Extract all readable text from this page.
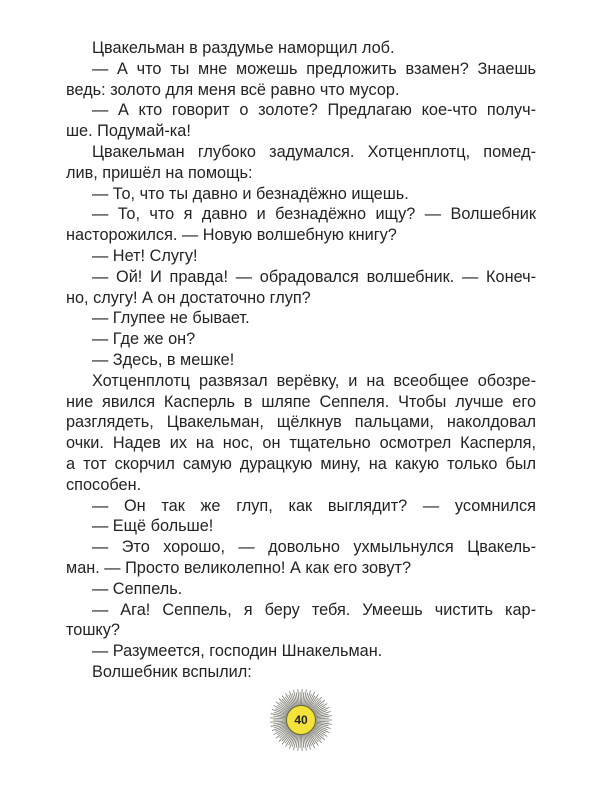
Цвакельман в раздумье наморщил лоб.
— А что ты мне можешь предложить взамен? Знаешь
ведь: золото для меня всё равно что мусор.
— А кто говорит о золоте? Предлагаю кое-что получ-
ше. Подумай-ка!
Цвакельман глубоко задумался. Хотценплотц, помед-
лив, пришёл на помощь:
— То, что ты давно и безнадёжно ищешь.
— То, что я давно и безнадёжно ищу? — Волшебник
насторожился. — Новую волшебную книгу?
— Нет! Слугу!
— Ой! И правда! — обрадовался волшебник. — Конеч-
но, слугу! А он достаточно глуп?
— Глупее не бывает.
— Где же он?
— Здесь, в мешке!
Хотценплотц развязал верёвку, и на всеобщее обозре-
ние явился Касперль в шляпе Сеппеля. Чтобы лучше его
разглядеть, Цвакельман, щёлкнув пальцами, наколдовал
очки. Надев их на нос, он тщательно осмотрел Касперля,
а тот скорчил самую дурацкую мину, на какую только был
способен.
— Он так же глуп, как выглядит? — усомнился
— Ещё больше!
— Это хорошо, — довольно ухмыльнулся Цвакель-
ман. — Просто великолепно! А как его зовут?
— Сеппель.
— Ага! Сеппель, я беру тебя. Умеешь чистить кар-
тошку?
— Разумеется, господин Шнакельман.
Волшебник вспылил:
40
